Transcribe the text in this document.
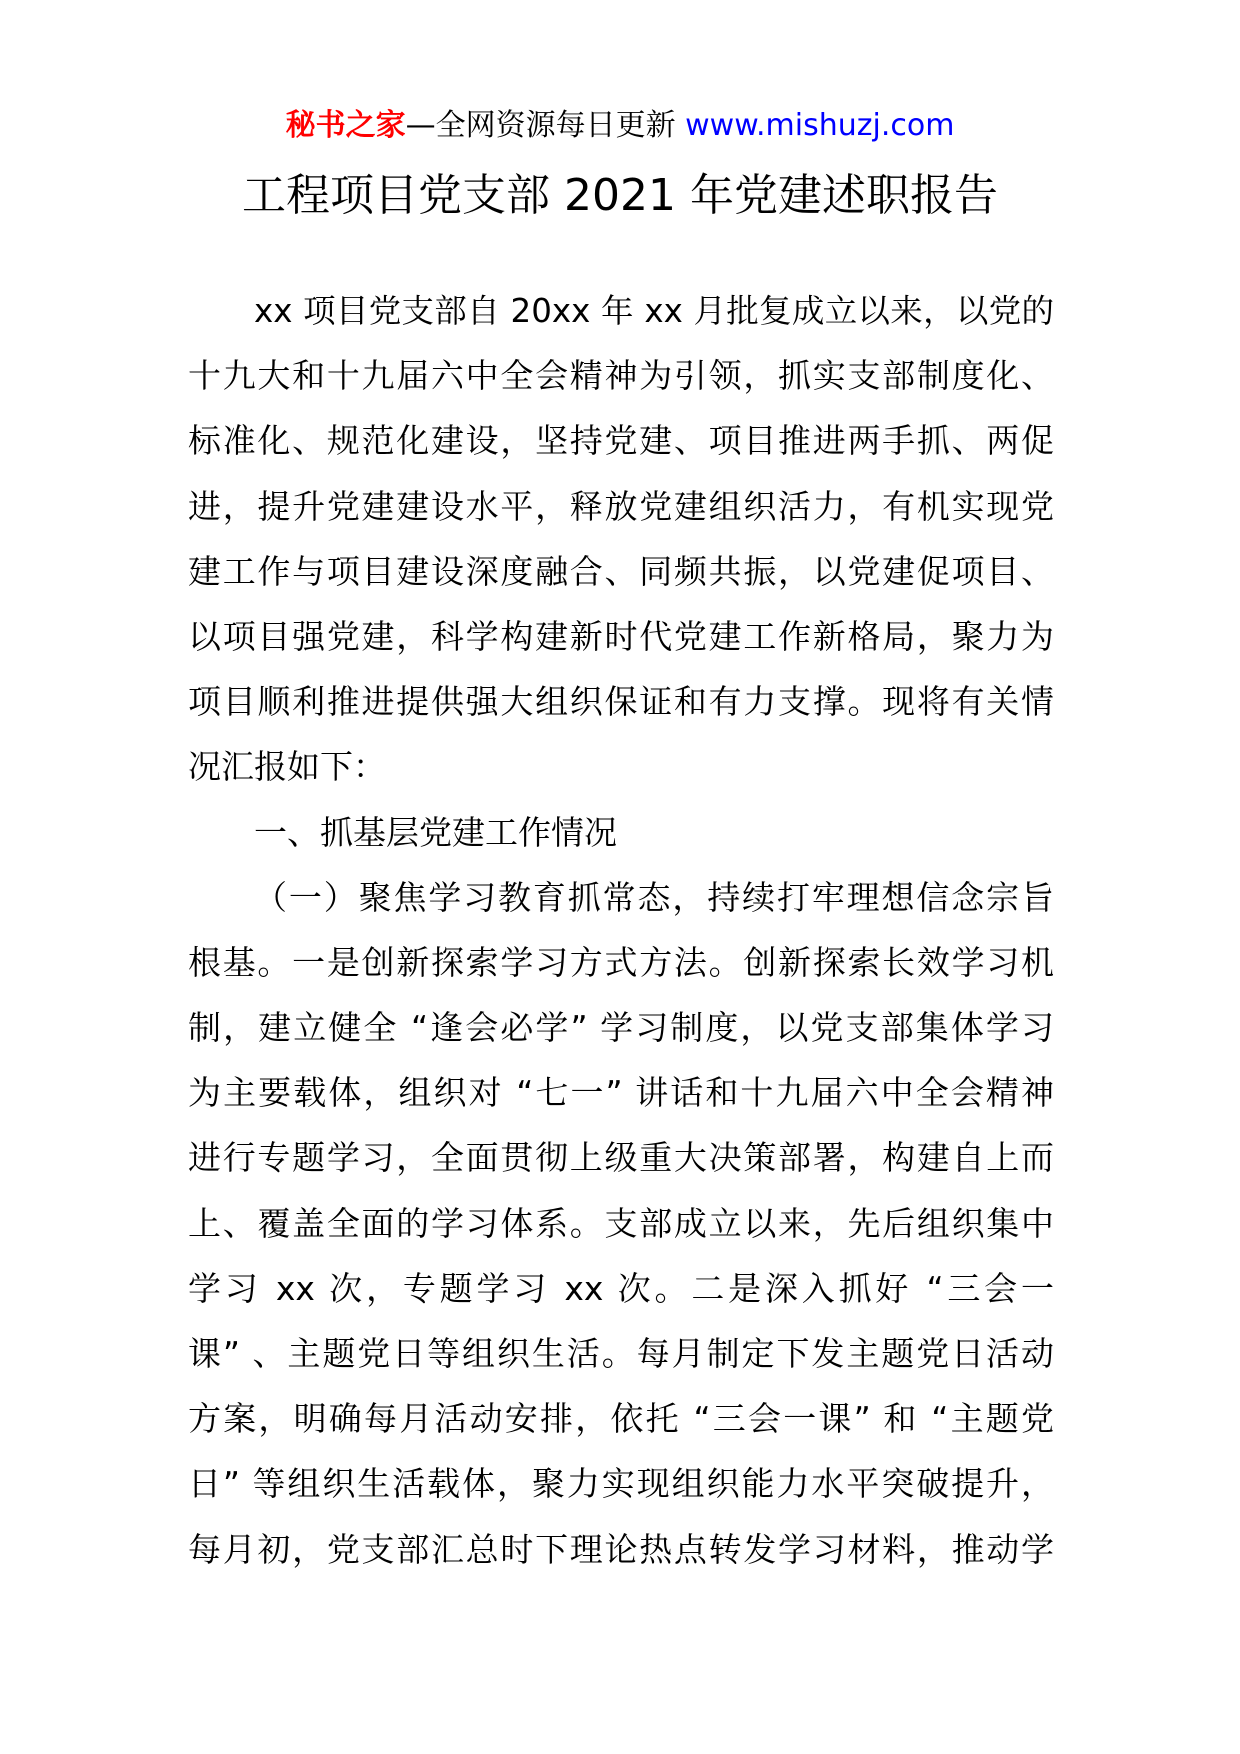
秘书之家—全网资源每日更新 www.mishuzj.com
工程项目党支部 2021 年党建述职报告
xx 项目党支部自 20xx 年 xx 月批复成立以来，以党的
十九大和十九届六中全会精神为引领，抓实支部制度化、
标准化、规范化建设，坚持党建、项目推进两手抓、两促
进，提升党建建设水平，释放党建组织活力，有机实现党
建工作与项目建设深度融合、同频共振，以党建促项目、
以项目强党建，科学构建新时代党建工作新格局，聚力为
项目顺利推进提供强大组织保证和有力支撑。现将有关情
况汇报如下：
一、抓基层党建工作情况
（一）聚焦学习教育抓常态，持续打牢理想信念宗旨
根基。一是创新探索学习方式方法。创新探索长效学习机
制，建立健全 “逢会必学” 学习制度，以党支部集体学习
为主要载体，组织对 “七一” 讲话和十九届六中全会精神
进行专题学习，全面贯彻上级重大决策部署，构建自上而
上、覆盖全面的学习体系。支部成立以来，先后组织集中
学习 xx 次，专题学习 xx 次。二是深入抓好 “三会一
课” 、主题党日等组织生活。每月制定下发主题党日活动
方案，明确每月活动安排，依托 “三会一课” 和 “主题党
日” 等组织生活载体，聚力实现组织能力水平突破提升，
每月初，党支部汇总时下理论热点转发学习材料，推动学
